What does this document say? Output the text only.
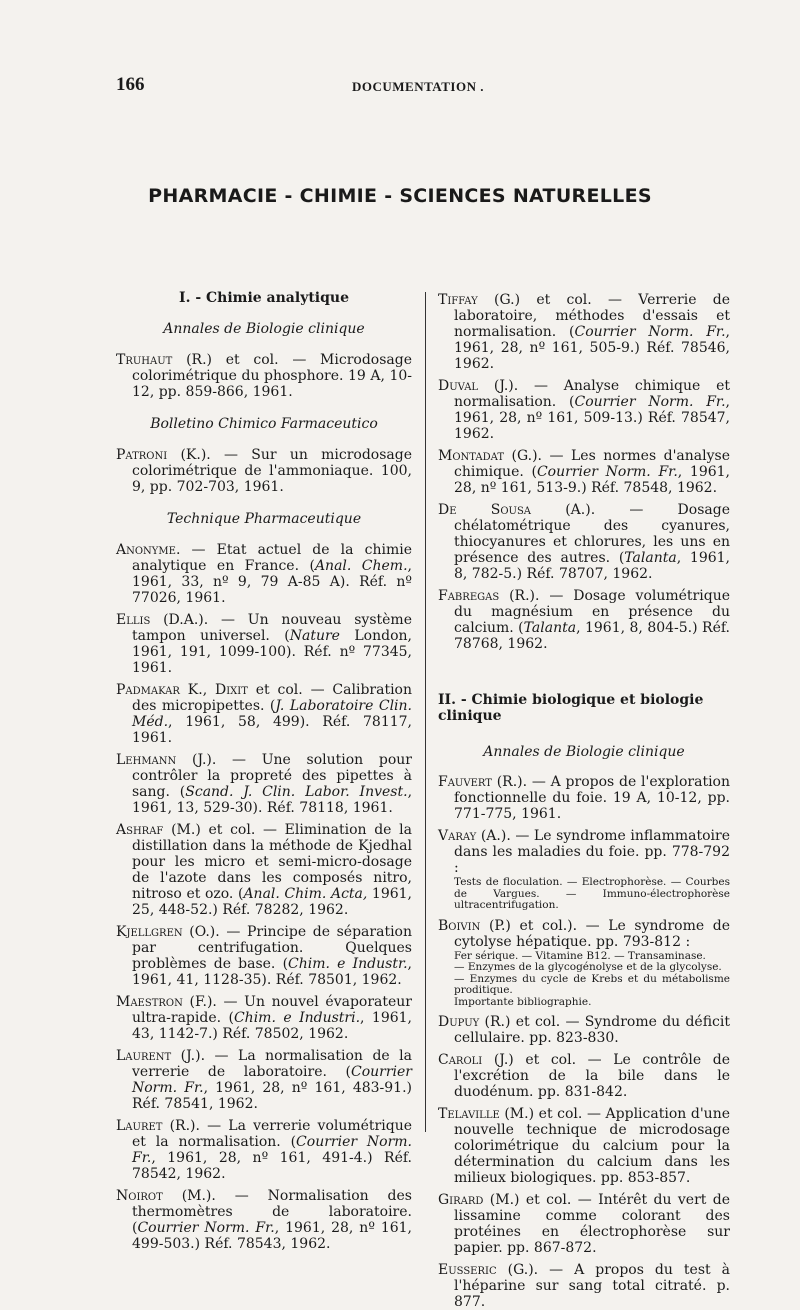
166	DOCUMENTATION .
PHARMACIE - CHIMIE - SCIENCES NATURELLES
I. - Chimie analytique
Annales de Biologie clinique
Truhaut (R.) et col. — Microdosage colorimétrique du phosphore. 19 A, 10-12, pp. 859-866, 1961.
Bolletino Chimico Farmaceutico
Patroni (K.). — Sur un microdosage colorimétrique de l'ammoniaque. 100, 9, pp. 702-703, 1961.
Technique Pharmaceutique
Anonyme. — Etat actuel de la chimie analytique en France. (Anal. Chem., 1961, 33, nº 9, 79 A-85 A). Réf. nº 77026, 1961.
Ellis (D.A.). — Un nouveau système tampon universel. (Nature London, 1961, 191, 1099-100). Réf. nº 77345, 1961.
Padmakar K., Dixit et col. — Calibration des micropipettes. (J. Laboratoire Clin. Méd., 1961, 58, 499). Réf. 78117, 1961.
Lehmann (J.). — Une solution pour contrôler la propreté des pipettes à sang. (Scand. J. Clin. Labor. Invest., 1961, 13, 529-30). Réf. 78118, 1961.
Ashraf (M.) et col. — Elimination de la distillation dans la méthode de Kjedhal pour les micro et semi-micro-dosage de l'azote dans les composés nitro, nitroso et ozo. (Anal. Chim. Acta, 1961, 25, 448-52.) Réf. 78282, 1962.
Kjellgren (O.). — Principe de séparation par centrifugation. Quelques problèmes de base. (Chim. e Industr., 1961, 41, 1128-35). Réf. 78501, 1962.
Maestron (F.). — Un nouvel évaporateur ultra-rapide. (Chim. e Industri., 1961, 43, 1142-7.) Réf. 78502, 1962.
Laurent (J.). — La normalisation de la verrerie de laboratoire. (Courrier Norm. Fr., 1961, 28, nº 161, 483-91.) Réf. 78541, 1962.
Lauret (R.). — La verrerie volumétrique et la normalisation. (Courrier Norm. Fr., 1961, 28, nº 161, 491-4.) Réf. 78542, 1962.
Noirot (M.). — Normalisation des thermomètres de laboratoire. (Courrier Norm. Fr., 1961, 28, nº 161, 499-503.) Réf. 78543, 1962.
Tiffay (G.) et col. — Verrerie de laboratoire, méthodes d'essais et normalisation. (Courrier Norm. Fr., 1961, 28, nº 161, 505-9.) Réf. 78546, 1962.
Duval (J.). — Analyse chimique et normalisation. (Courrier Norm. Fr., 1961, 28, nº 161, 509-13.) Réf. 78547, 1962.
Montadat (G.). — Les normes d'analyse chimique. (Courrier Norm. Fr., 1961, 28, nº 161, 513-9.) Réf. 78548, 1962.
De Sousa (A.). — Dosage chélatométrique des cyanures, thiocyanures et chlorures, les uns en présence des autres. (Talanta, 1961, 8, 782-5.) Réf. 78707, 1962.
Fabregas (R.). — Dosage volumétrique du magnésium en présence du calcium. (Talanta, 1961, 8, 804-5.) Réf. 78768, 1962.
II. - Chimie biologique et biologie clinique
Annales de Biologie clinique
Fauvert (R.). — A propos de l'exploration fonctionnelle du foie. 19 A, 10-12, pp. 771-775, 1961.
Varay (A.). — Le syndrome inflammatoire dans les maladies du foie. pp. 778-792 :
Tests de floculation. — Electrophorèse. — Courbes de Vargues. — Immuno-électrophorèse ultracentrifugation.
Boivin (P.) et col.). — Le syndrome de cytolyse hépatique. pp. 793-812 :
Fer sérique. — Vitamine B12. — Transaminase.
— Enzymes de la glycogénolyse et de la glycolyse.
— Enzymes du cycle de Krebs et du métabolisme proditique.
Importante bibliographie.
Dupuy (R.) et col. — Syndrome du déficit cellulaire. pp. 823-830.
Caroli (J.) et col. — Le contrôle de l'excrétion de la bile dans le duodénum. pp. 831-842.
Telaville (M.) et col. — Application d'une nouvelle technique de microdosage colorimétrique du calcium pour la détermination du calcium dans les milieux biologiques. pp. 853-857.
Girard (M.) et col. — Intérêt du vert de lissamine comme colorant des protéines en électrophorèse sur papier. pp. 867-872.
Eusseric (G.). — A propos du test à l'héparine sur sang total citraté. p. 877.
